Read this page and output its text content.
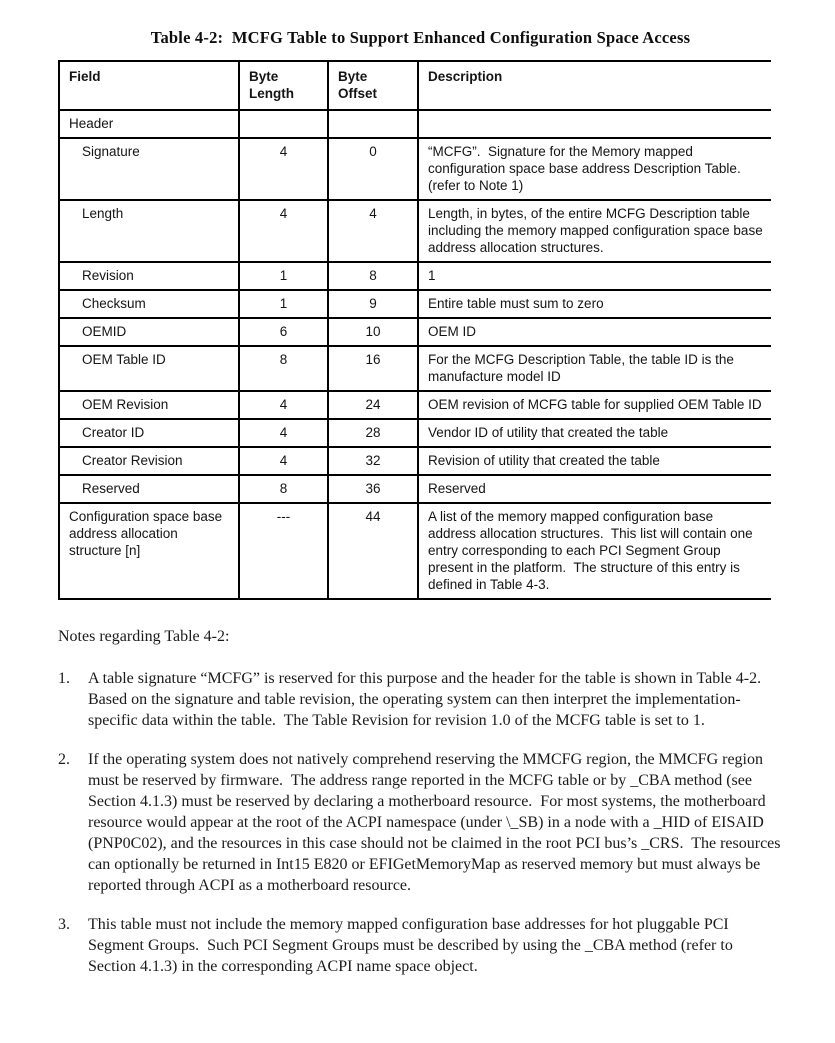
Table 4-2:  MCFG Table to Support Enhanced Configuration Space Access
Field	Byte Length	Byte Offset	Description
Header			
Signature	4	0	“MCFG”.  Signature for the Memory mapped configuration space base address Description Table.  (refer to Note 1)
Length	4	4	Length, in bytes, of the entire MCFG Description table including the memory mapped configuration space base address allocation structures.
Revision	1	8	1
Checksum	1	9	Entire table must sum to zero
OEMID	6	10	OEM ID
OEM Table ID	8	16	For the MCFG Description Table, the table ID is the manufacture model ID
OEM Revision	4	24	OEM revision of MCFG table for supplied OEM Table ID
Creator ID	4	28	Vendor ID of utility that created the table
Creator Revision	4	32	Revision of utility that created the table
Reserved	8	36	Reserved
Configuration space base address allocation structure [n]	---	44	A list of the memory mapped configuration base address allocation structures.  This list will contain one entry corresponding to each PCI Segment Group present in the platform.  The structure of this entry is defined in Table 4-3.

Notes regarding Table 4-2:

1.	A table signature “MCFG” is reserved for this purpose and the header for the table is shown in Table 4-2.  Based on the signature and table revision, the operating system can then interpret the implementation-specific data within the table.  The Table Revision for revision 1.0 of the MCFG table is set to 1.
2.	If the operating system does not natively comprehend reserving the MMCFG region, the MMCFG region must be reserved by firmware.  The address range reported in the MCFG table or by _CBA method (see Section 4.1.3) must be reserved by declaring a motherboard resource.  For most systems, the motherboard resource would appear at the root of the ACPI namespace (under \_SB) in a node with a _HID of EISAID (PNP0C02), and the resources in this case should not be claimed in the root PCI bus’s _CRS.  The resources can optionally be returned in Int15 E820 or EFIGetMemoryMap as reserved memory but must always be reported through ACPI as a motherboard resource.
3.	This table must not include the memory mapped configuration base addresses for hot pluggable PCI Segment Groups.  Such PCI Segment Groups must be described by using the _CBA method (refer to Section 4.1.3) in the corresponding ACPI name space object.
